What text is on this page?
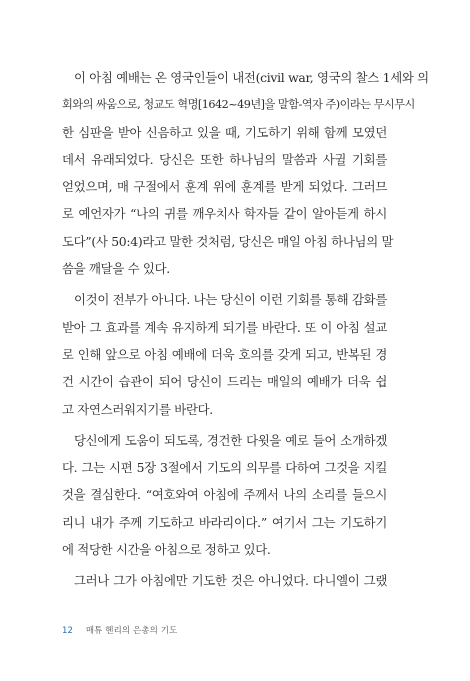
이 아침 예배는 온 영국인들이 내전(civil war, 영국의 찰스 1세와 의
회와의 싸움으로, 청교도 혁명[1642~49년]을 말함-역자 주)이라는 무시무시
한 심판을 받아 신음하고 있을 때, 기도하기 위해 함께 모였던
데서 유래되었다. 당신은 또한 하나님의 말씀과 사귈 기회를
얻었으며, 매 구절에서 훈계 위에 훈계를 받게 되었다. 그러므
로 예언자가 “나의 귀를 깨우치사 학자들 같이 알아듣게 하시
도다”(사 50:4)라고 말한 것처럼, 당신은 매일 아침 하나님의 말
씀을 깨달을 수 있다.
이것이 전부가 아니다. 나는 당신이 이런 기회를 통해 감화를
받아 그 효과를 계속 유지하게 되기를 바란다. 또 이 아침 설교
로 인해 앞으로 아침 예배에 더욱 호의를 갖게 되고, 반복된 경
건 시간이 습관이 되어 당신이 드리는 매일의 예배가 더욱 쉽
고 자연스러워지기를 바란다.
당신에게 도움이 되도록, 경건한 다윗을 예로 들어 소개하겠
다. 그는 시편 5장 3절에서 기도의 의무를 다하여 그것을 지킬
것을 결심한다. “여호와여 아침에 주께서 나의 소리를 들으시
리니 내가 주께 기도하고 바라리이다.” 여기서 그는 기도하기
에 적당한 시간을 아침으로 정하고 있다.
그러나 그가 아침에만 기도한 것은 아니었다. 다니엘이 그랬
12 매튜 헨리의 은총의 기도
